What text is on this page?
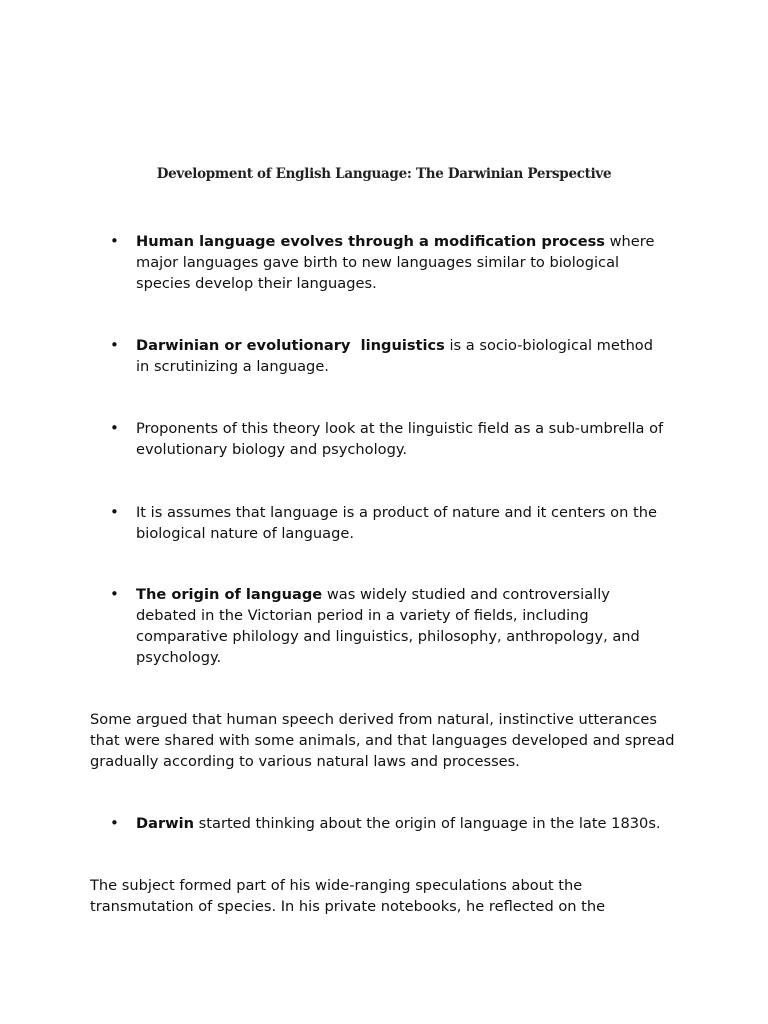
Development of English Language: The Darwinian Perspective
•	Human language evolves through a modification process where major languages gave birth to new languages similar to biological species develop their languages.
•	Darwinian or evolutionary  linguistics is a socio-biological method in scrutinizing a language.
•	Proponents of this theory look at the linguistic field as a sub-umbrella of evolutionary biology and psychology.
•	It is assumes that language is a product of nature and it centers on the biological nature of language.
•	The origin of language was widely studied and controversially debated in the Victorian period in a variety of fields, including comparative philology and linguistics, philosophy, anthropology, and psychology.
Some argued that human speech derived from natural, instinctive utterances that were shared with some animals, and that languages developed and spread gradually according to various natural laws and processes.
•	Darwin started thinking about the origin of language in the late 1830s.
The subject formed part of his wide-ranging speculations about the transmutation of species. In his private notebooks, he reflected on the
